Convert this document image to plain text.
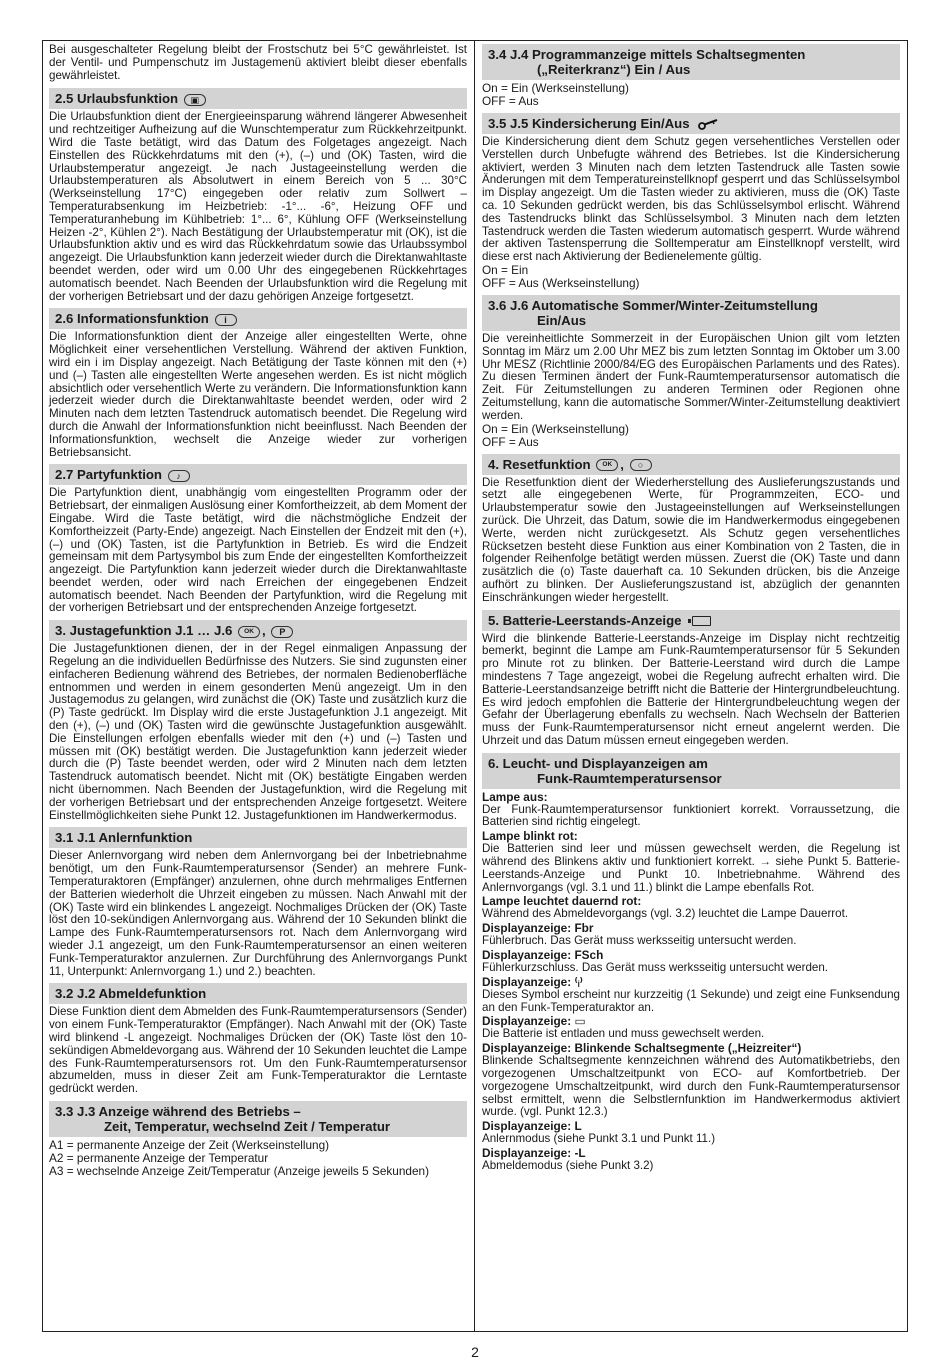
Bei ausgeschalteter Regelung bleibt der Frostschutz bei 5°C gewährleistet. Ist der Ventil- und Pumpenschutz im Justagemenü aktiviert bleibt dieser ebenfalls gewährleistet.

2.5 Urlaubsfunktion ▣

Die Urlaubsfunktion dient der Energieeinsparung während längerer Abwesenheit und rechtzeitiger Aufheizung auf die Wunschtemperatur zum Rückkehrzeitpunkt. Wird die Taste betätigt, wird das Datum des Folgetages angezeigt. Nach Einstellen des Rückkehrdatums mit den (+), (–) und (OK) Tasten, wird die Urlaubstemperatur angezeigt. Je nach Justageeinstellung werden die Urlaubstemperaturen als Absolutwert in einem Bereich von 5 ... 30°C (Werkseinstellung 17°C) eingegeben oder relativ zum Sollwert – Temperaturabsenkung im Heizbetrieb: -1°... -6°, Heizung OFF und Temperaturanhebung im Kühlbetrieb: 1°... 6°, Kühlung OFF (Werkseinstellung Heizen -2°, Kühlen 2°). Nach Bestätigung der Urlaubstemperatur mit (OK), ist die Urlaubsfunktion aktiv und es wird das Rückkehrdatum sowie das Urlaubssymbol angezeigt. Die Urlaubsfunktion kann jederzeit wieder durch die Direktanwahltaste beendet werden, oder wird um 0.00 Uhr des eingegebenen Rückkehrtages automatisch beendet. Nach Beenden der Urlaubsfunktion wird die Regelung mit der vorherigen Betriebsart und der dazu gehörigen Anzeige fortgesetzt.

2.6 Informationsfunktion i

Die Informationsfunktion dient der Anzeige aller eingestellten Werte, ohne Möglichkeit einer versehentlichen Verstellung. Während der aktiven Funktion, wird ein i im Display angezeigt. Nach Betätigung der Taste können mit den (+) und (–) Tasten alle eingestellten Werte angesehen werden. Es ist nicht möglich absichtlich oder versehentlich Werte zu verändern. Die Informationsfunktion kann jederzeit wieder durch die Direktanwahltaste beendet werden, oder wird 2 Minuten nach dem letzten Tastendruck automatisch beendet. Die Regelung wird durch die Anwahl der Informationsfunktion nicht beeinflusst. Nach Beenden der Informationsfunktion, wechselt die Anzeige wieder zur vorherigen Betriebsansicht.

2.7 Partyfunktion ♪

Die Partyfunktion dient, unabhängig vom eingestellten Programm oder der Betriebsart, der einmaligen Auslösung einer Komfortheizzeit, ab dem Moment der Eingabe. Wird die Taste betätigt, wird die nächstmögliche Endzeit der Komfortheizzeit (Party-Ende) angezeigt. Nach Einstellen der Endzeit mit den (+), (–) und (OK) Tasten, ist die Partyfunktion in Betrieb. Es wird die Endzeit gemeinsam mit dem Partysymbol bis zum Ende der eingestellten Komfortheizzeit angezeigt. Die Partyfunktion kann jederzeit wieder durch die Direktanwahltaste beendet werden, oder wird nach Erreichen der eingegebenen Endzeit automatisch beendet. Nach Beenden der Partyfunktion, wird die Regelung mit der vorherigen Betriebsart und der entsprechenden Anzeige fortgesetzt.

3. Justagefunktion J.1 … J.6 OK , P

Die Justagefunktionen dienen, der in der Regel einmaligen Anpassung der Regelung an die individuellen Bedürfnisse des Nutzers. Sie sind zugunsten einer einfacheren Bedienung während des Betriebes, der normalen Bedienoberfläche entnommen und werden in einem gesonderten Menü angezeigt. Um in den Justagemodus zu gelangen, wird zunächst die (OK) Taste und zusätzlich kurz die (P) Taste gedrückt. Im Display wird die erste Justagefunktion J.1 angezeigt. Mit den (+), (–) und (OK) Tasten wird die gewünschte Justagefunktion ausgewählt. Die Einstellungen erfolgen ebenfalls wieder mit den (+) und (–) Tasten und müssen mit (OK) bestätigt werden. Die Justagefunktion kann jederzeit wieder durch die (P) Taste beendet werden, oder wird 2 Minuten nach dem letzten Tastendruck automatisch beendet. Nicht mit (OK) bestätigte Eingaben werden nicht übernommen. Nach Beenden der Justagefunktion, wird die Regelung mit der vorherigen Betriebsart und der entsprechenden Anzeige fortgesetzt. Weitere Einstellmöglichkeiten siehe Punkt 12. Justagefunktionen im Handwerkermodus.

3.1 J.1 Anlernfunktion

Dieser Anlernvorgang wird neben dem Anlernvorgang bei der Inbetriebnahme benötigt, um den Funk-Raumtemperatursensor (Sender) an mehrere Funk-Temperaturaktoren (Empfänger) anzulernen, ohne durch mehrmaliges Entfernen der Batterien wiederholt die Uhrzeit eingeben zu müssen. Nach Anwahl mit der (OK) Taste wird ein blinkendes L angezeigt. Nochmaliges Drücken der (OK) Taste löst den 10-sekündigen Anlernvorgang aus. Während der 10 Sekunden blinkt die Lampe des Funk-Raumtemperatursensors rot. Nach dem Anlernvorgang wird wieder J.1 angezeigt, um den Funk-Raumtemperatursensor an einen weiteren Funk-Temperaturaktor anzulernen. Zur Durchführung des Anlernvorgangs Punkt 11, Unterpunkt: Anlernvorgang 1.) und 2.) beachten.

3.2 J.2 Abmeldefunktion

Diese Funktion dient dem Abmelden des Funk-Raumtemperatursensors (Sender) von einem Funk-Temperaturaktor (Empfänger). Nach Anwahl mit der (OK) Taste wird blinkend -L angezeigt. Nochmaliges Drücken der (OK) Taste löst den 10-sekündigen Abmeldevorgang aus. Während der 10 Sekunden leuchtet die Lampe des Funk-Raumtemperatursensors rot. Um den Funk-Raumtemperatursensor abzumelden, muss in dieser Zeit am Funk-Temperaturaktor die Lerntaste gedrückt werden.

3.3 J.3 Anzeige während des Betriebs –
Zeit, Temperatur, wechselnd Zeit / Temperatur
A1 = permanente Anzeige der Zeit (Werkseinstellung)
A2 = permanente Anzeige der Temperatur
A3 = wechselnde Anzeige Zeit/Temperatur (Anzeige jeweils 5 Sekunden)
3.4 J.4 Programmanzeige mittels Schaltsegmenten
(„Reiterkranz“) Ein / Aus
On = Ein (Werkseinstellung)
OFF = Aus
3.5 J.5 Kindersicherung Ein/Aus

Die Kindersicherung dient dem Schutz gegen versehentliches Verstellen oder Verstellen durch Unbefugte während des Betriebes. Ist die Kindersicherung aktiviert, werden 3 Minuten nach dem letzten Tastendruck alle Tasten sowie Änderungen mit dem Temperatureinstellknopf gesperrt und das Schlüsselsymbol im Display angezeigt. Um die Tasten wieder zu aktivieren, muss die (OK) Taste ca. 10 Sekunden gedrückt werden, bis das Schlüsselsymbol erlischt. Während des Tastendrucks blinkt das Schlüsselsymbol. 3 Minuten nach dem letzten Tastendruck werden die Tasten wiederum automatisch gesperrt. Wurde während der aktiven Tastensperrung die Solltemperatur am Einstellknopf verstellt, wird diese erst nach Aktivierung der Bedienelemente gültig.

On = Ein
OFF = Aus (Werkseinstellung)
3.6 J.6 Automatische Sommer/Winter-Zeitumstellung
Ein/Aus

Die vereinheitlichte Sommerzeit in der Europäischen Union gilt vom letzten Sonntag im März um 2.00 Uhr MEZ bis zum letzten Sonntag im Oktober um 3.00 Uhr MESZ (Richtlinie 2000/84/EG des Europäischen Parlaments und des Rates). Zu diesen Terminen ändert der Funk-Raumtemperatursensor automatisch die Zeit. Für Zeitumstellungen zu anderen Terminen oder Regionen ohne Zeitumstellung, kann die automatische Sommer/Winter-Zeitumstellung deaktiviert werden.

On = Ein (Werkseinstellung)
OFF = Aus
4. Resetfunktion OK , ○

Die Resetfunktion dient der Wiederherstellung des Auslieferungszustands und setzt alle eingegebenen Werte, für Programmzeiten, ECO- und Urlaubstemperatur sowie den Justageeinstellungen auf Werkseinstellungen zurück. Die Uhrzeit, das Datum, sowie die im Handwerkermodus eingegebenen Werte, werden nicht zurückgesetzt. Als Schutz gegen versehentliches Rücksetzen besteht diese Funktion aus einer Kombination von 2 Tasten, die in folgender Reihenfolge betätigt werden müssen. Zuerst die (OK) Taste und dann zusätzlich die (o) Taste dauerhaft ca. 10 Sekunden drücken, bis die Anzeige aufhört zu blinken. Der Auslieferungszustand ist, abzüglich der genannten Einschränkungen wieder hergestellt.

5. Batterie-Leerstands-Anzeige

Wird die blinkende Batterie-Leerstands-Anzeige im Display nicht rechtzeitig bemerkt, beginnt die Lampe am Funk-Raumtemperatursensor für 5 Sekunden pro Minute rot zu blinken. Der Batterie-Leerstand wird durch die Lampe mindestens 7 Tage angezeigt, wobei die Regelung aufrecht erhalten wird. Die Batterie-Leerstandsanzeige betrifft nicht die Batterie der Hintergrundbeleuchtung. Es wird jedoch empfohlen die Batterie der Hintergrundbeleuchtung wegen der Gefahr der Überlagerung ebenfalls zu wechseln. Nach Wechseln der Batterien muss der Funk-Raumtemperatursensor nicht erneut angelernt werden. Die Uhrzeit und das Datum müssen erneut eingegeben werden.

6. Leucht- und Displayanzeigen am
Funk-Raumtemperatursensor
Lampe aus:

Der Funk-Raumtemperatursensor funktioniert korrekt. Vorraussetzung, die Batterien sind richtig eingelegt.

Lampe blinkt rot:

Die Batterien sind leer und müssen gewechselt werden, die Regelung ist während des Blinkens aktiv und funktioniert korrekt. → siehe Punkt 5. Batterie-Leerstands-Anzeige und Punkt 10. Inbetriebnahme. Während des Anlernvorgangs (vgl. 3.1 und 11.) blinkt die Lampe ebenfalls Rot.

Lampe leuchtet dauernd rot:

Während des Abmeldevorgangs (vgl. 3.2) leuchtet die Lampe Dauerrot.

Displayanzeige: Fbr

Fühlerbruch. Das Gerät muss werksseitig untersucht werden.

Displayanzeige: FSch

Fühlerkurzschluss. Das Gerät muss werksseitig untersucht werden.

Displayanzeige: ⁽ᵢ⁾

Dieses Symbol erscheint nur kurzzeitig (1 Sekunde) und zeigt eine Funksendung an den Funk-Temperaturaktor an.

Displayanzeige: ▭

Die Batterie ist entladen und muss gewechselt werden.

Displayanzeige: Blinkende Schaltsegmente („Heizreiter“)

Blinkende Schaltsegmente kennzeichnen während des Automatikbetriebs, den vorgezogenen Umschaltzeitpunkt von ECO- auf Komfortbetrieb. Der vorgezogene Umschaltzeitpunkt, wird durch den Funk-Raumtemperatursensor selbst ermittelt, wenn die Selbstlernfunktion im Handwerkermodus aktiviert wurde. (vgl. Punkt 12.3.)

Displayanzeige: L

Anlernmodus (siehe Punkt 3.1 und Punkt 11.)

Displayanzeige: -L

Abmeldemodus (siehe Punkt 3.2)

2
